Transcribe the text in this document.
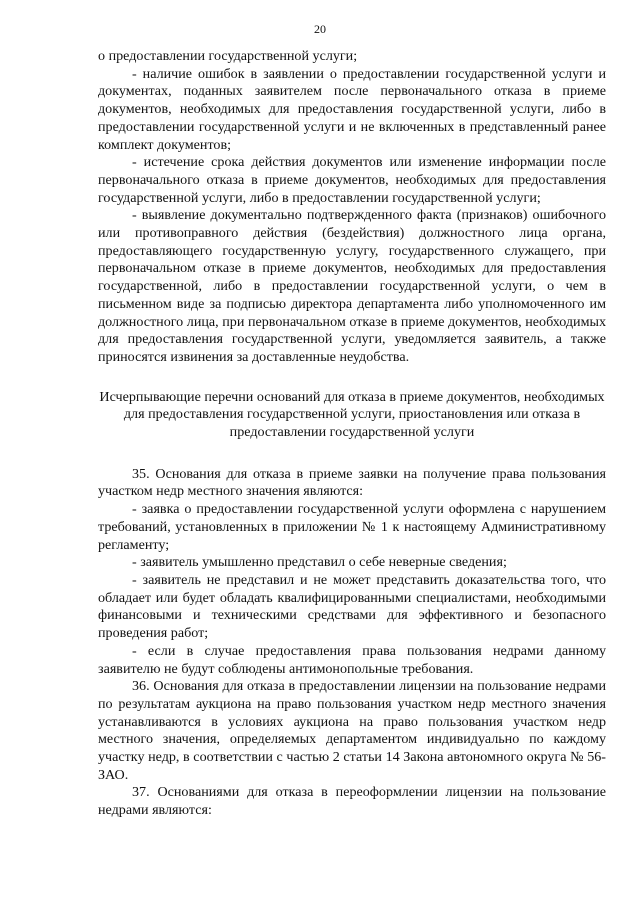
20

о предоставлении государственной услуги;

- наличие ошибок в заявлении о предоставлении государственной услуги и документах, поданных заявителем после первоначального отказа в приеме документов, необходимых для предоставления государственной услуги, либо в предоставлении государственной услуги и не включенных в представленный ранее комплект документов;

- истечение срока действия документов или изменение информации после первоначального отказа в приеме документов, необходимых для предоставления государственной услуги, либо в предоставлении государственной услуги;

- выявление документально подтвержденного факта (признаков) ошибочного или противоправного действия (бездействия) должностного лица органа, предоставляющего государственную услугу, государственного служащего, при первоначальном отказе в приеме документов, необходимых для предоставления государственной, либо в предоставлении государственной услуги, о чем в письменном виде за подписью директора департамента либо уполномоченного им должностного лица, при первоначальном отказе в приеме документов, необходимых для предоставления государственной услуги, уведомляется заявитель, а также приносятся извинения за доставленные неудобства.

Исчерпывающие перечни оснований для отказа в приеме документов, необходимых для предоставления государственной услуги, приостановления или отказа в предоставлении государственной услуги

35. Основания для отказа в приеме заявки на получение права пользования участком недр местного значения являются:

- заявка о предоставлении государственной услуги оформлена с нарушением требований, установленных в приложении № 1 к настоящему Административному регламенту;

- заявитель умышленно представил о себе неверные сведения;

- заявитель не представил и не может представить доказательства того, что обладает или будет обладать квалифицированными специалистами, необходимыми финансовыми и техническими средствами для эффективного и безопасного проведения работ;

- если в случае предоставления права пользования недрами данному заявителю не будут соблюдены антимонопольные требования.

36. Основания для отказа в предоставлении лицензии на пользование недрами по результатам аукциона на право пользования участком недр местного значения устанавливаются в условиях аукциона на право пользования участком недр местного значения, определяемых департаментом индивидуально по каждому участку недр, в соответствии с частью 2 статьи 14 Закона автономного округа № 56-ЗАО.

37. Основаниями для отказа в переоформлении лицензии на пользование недрами являются:
